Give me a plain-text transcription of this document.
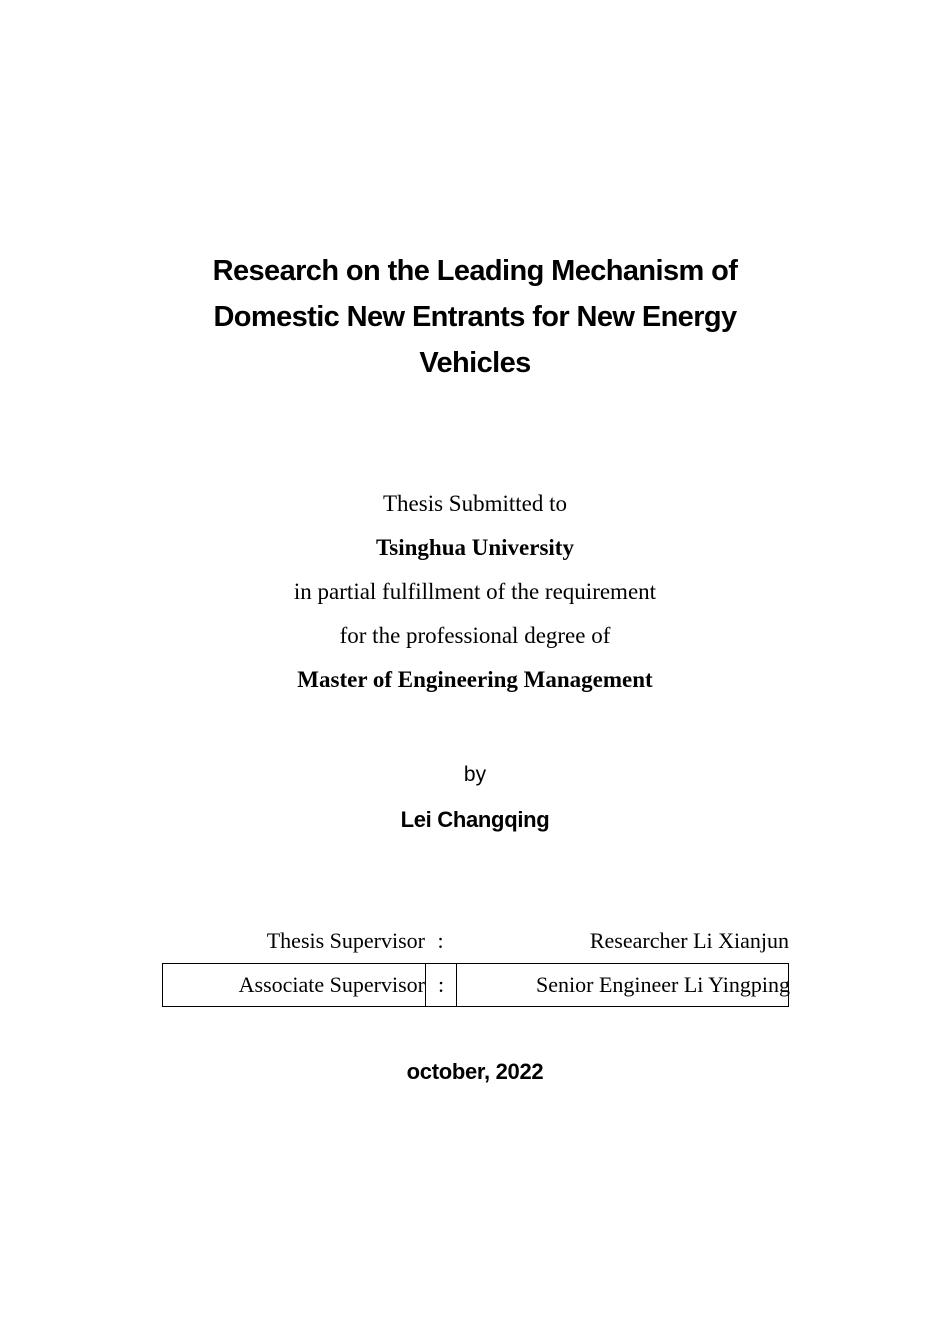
Research on the Leading Mechanism of
Domestic New Entrants for New Energy
Vehicles
Thesis Submitted to
Tsinghua University
in partial fulfillment of the requirement
for the professional degree of
Master of Engineering Management
by
Lei Changqing
Thesis Supervisor :	Researcher Li Xianjun
Associate Supervisor :	Senior Engineer Li Yingping
october, 2022
